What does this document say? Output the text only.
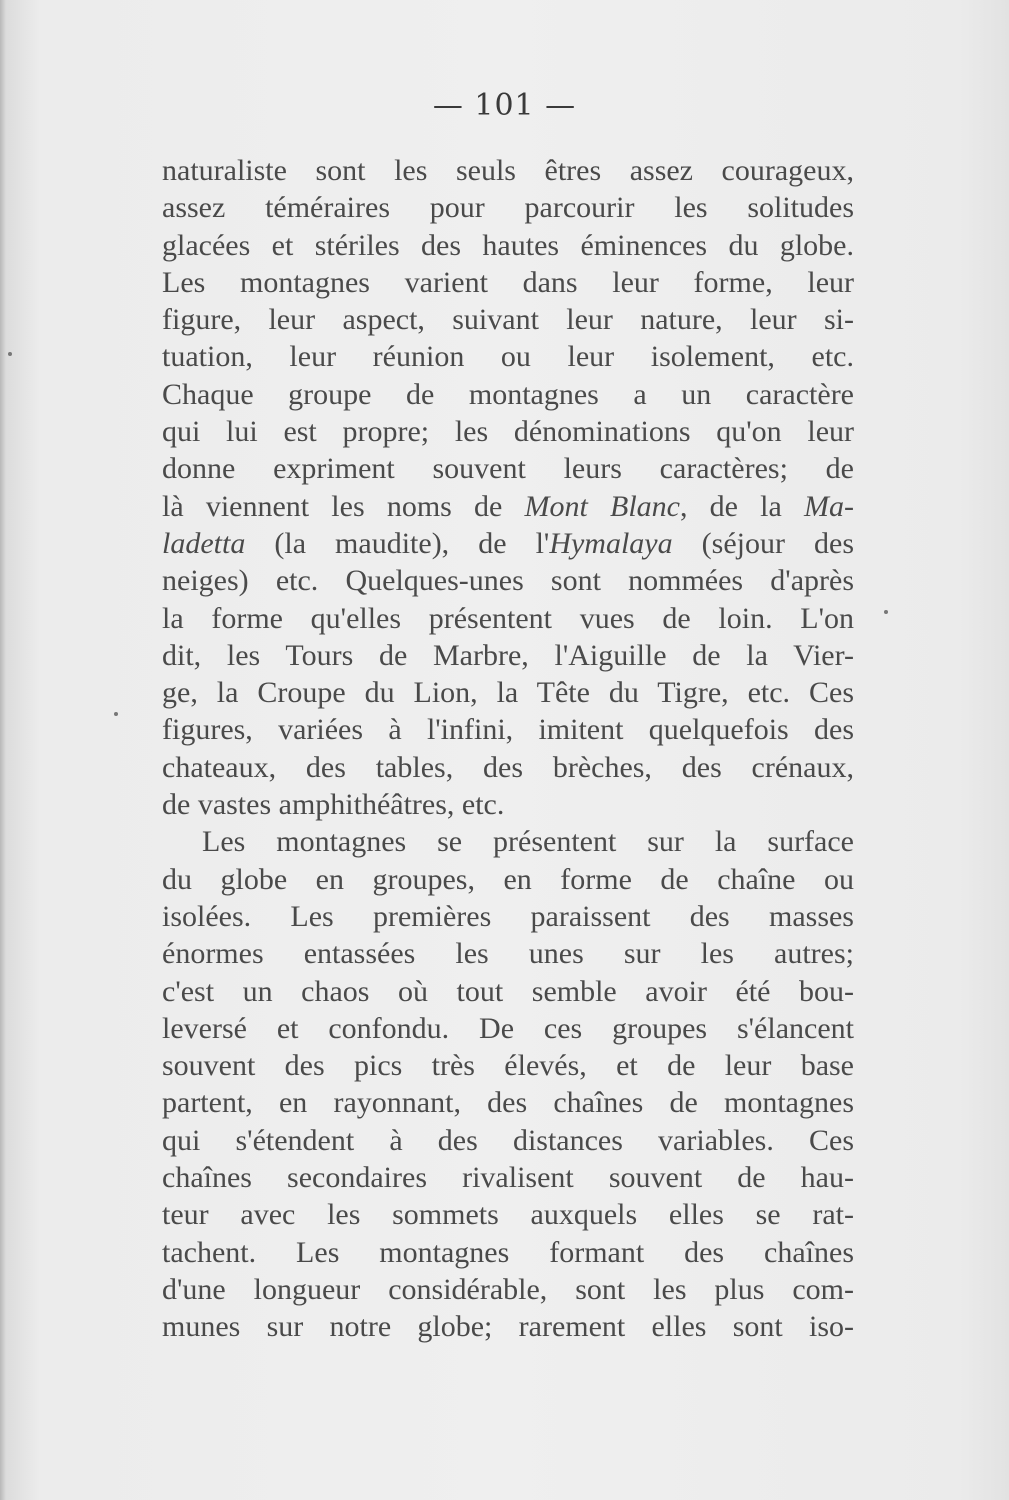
— 101 —
naturaliste sont les seuls êtres assez courageux,
assez téméraires pour parcourir les solitudes
glacées et stériles des hautes éminences du globe.
Les montagnes varient dans leur forme, leur
figure, leur aspect, suivant leur nature, leur si-
tuation, leur réunion ou leur isolement, etc.
Chaque groupe de montagnes a un caractère
qui lui est propre; les dénominations qu'on leur
donne expriment souvent leurs caractères; de
là viennent les noms de Mont Blanc, de la Ma-
ladetta (la maudite), de l'Hymalaya (séjour des
neiges) etc. Quelques-unes sont nommées d'après
la forme qu'elles présentent vues de loin. L'on
dit, les Tours de Marbre, l'Aiguille de la Vier-
ge, la Croupe du Lion, la Tête du Tigre, etc. Ces
figures, variées à l'infini, imitent quelquefois des
chateaux, des tables, des brèches, des crénaux,
de vastes amphithéâtres, etc.
Les montagnes se présentent sur la surface
du globe en groupes, en forme de chaîne ou
isolées. Les premières paraissent des masses
énormes entassées les unes sur les autres;
c'est un chaos où tout semble avoir été bou-
leversé et confondu. De ces groupes s'élancent
souvent des pics très élevés, et de leur base
partent, en rayonnant, des chaînes de montagnes
qui s'étendent à des distances variables. Ces
chaînes secondaires rivalisent souvent de hau-
teur avec les sommets auxquels elles se rat-
tachent. Les montagnes formant des chaînes
d'une longueur considérable, sont les plus com-
munes sur notre globe; rarement elles sont iso-
